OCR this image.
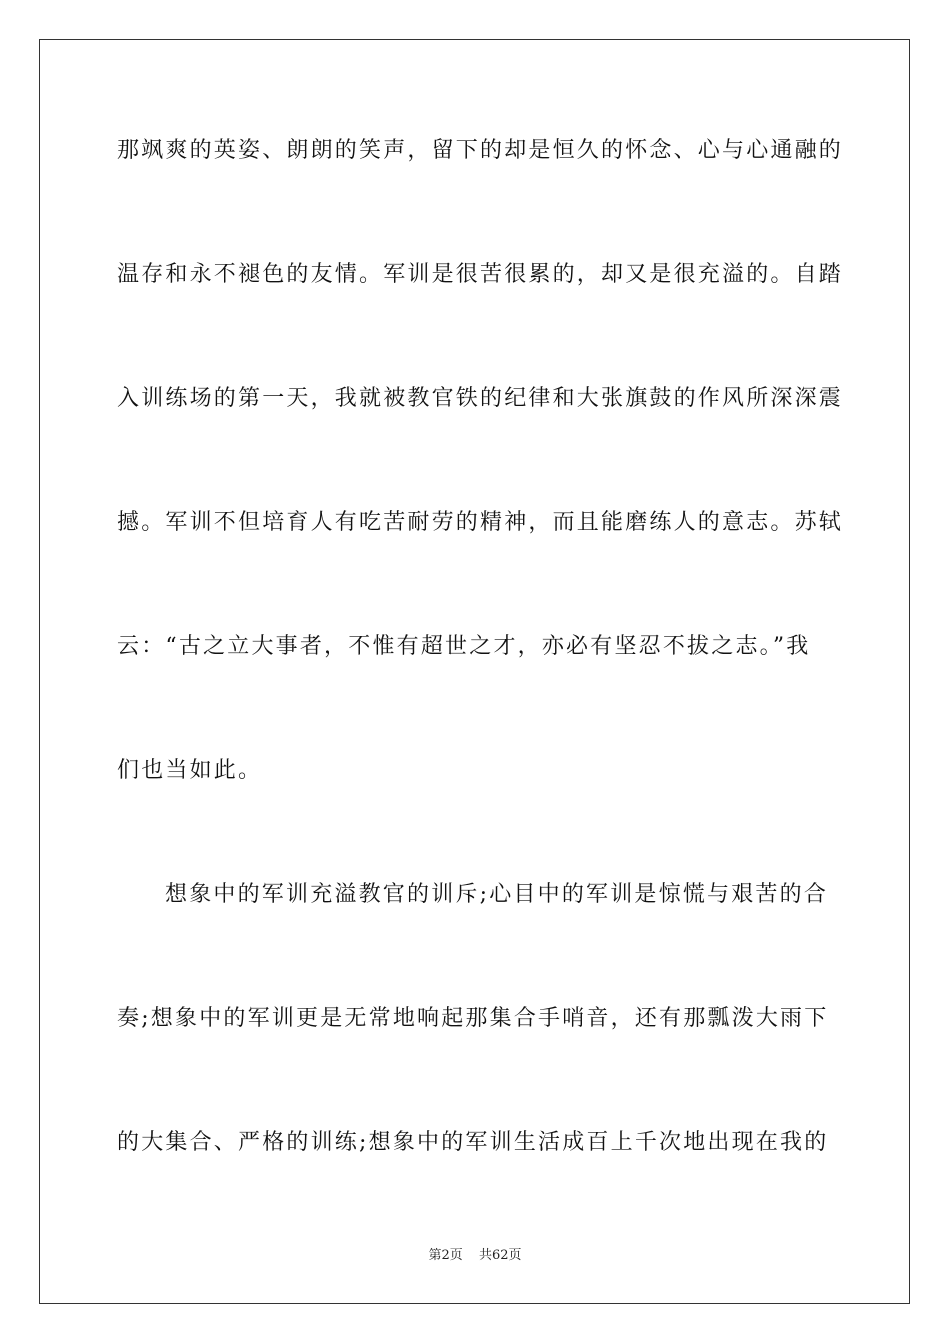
那飒爽的英姿、朗朗的笑声，留下的却是恒久的怀念、心与心通融的
温存和永不褪色的友情。军训是很苦很累的，却又是很充溢的。自踏
入训练场的第一天，我就被教官铁的纪律和大张旗鼓的作风所深深震
撼。军训不但培育人有吃苦耐劳的精神，而且能磨练人的意志。苏轼
云：“古之立大事者，不惟有超世之才，亦必有坚忍不拔之志。”我
们也当如此。
想象中的军训充溢教官的训斥;心目中的军训是惊慌与艰苦的合
奏;想象中的军训更是无常地响起那集合手哨音，还有那瓢泼大雨下
的大集合、严格的训练;想象中的军训生活成百上千次地出现在我的
第2页 共62页
